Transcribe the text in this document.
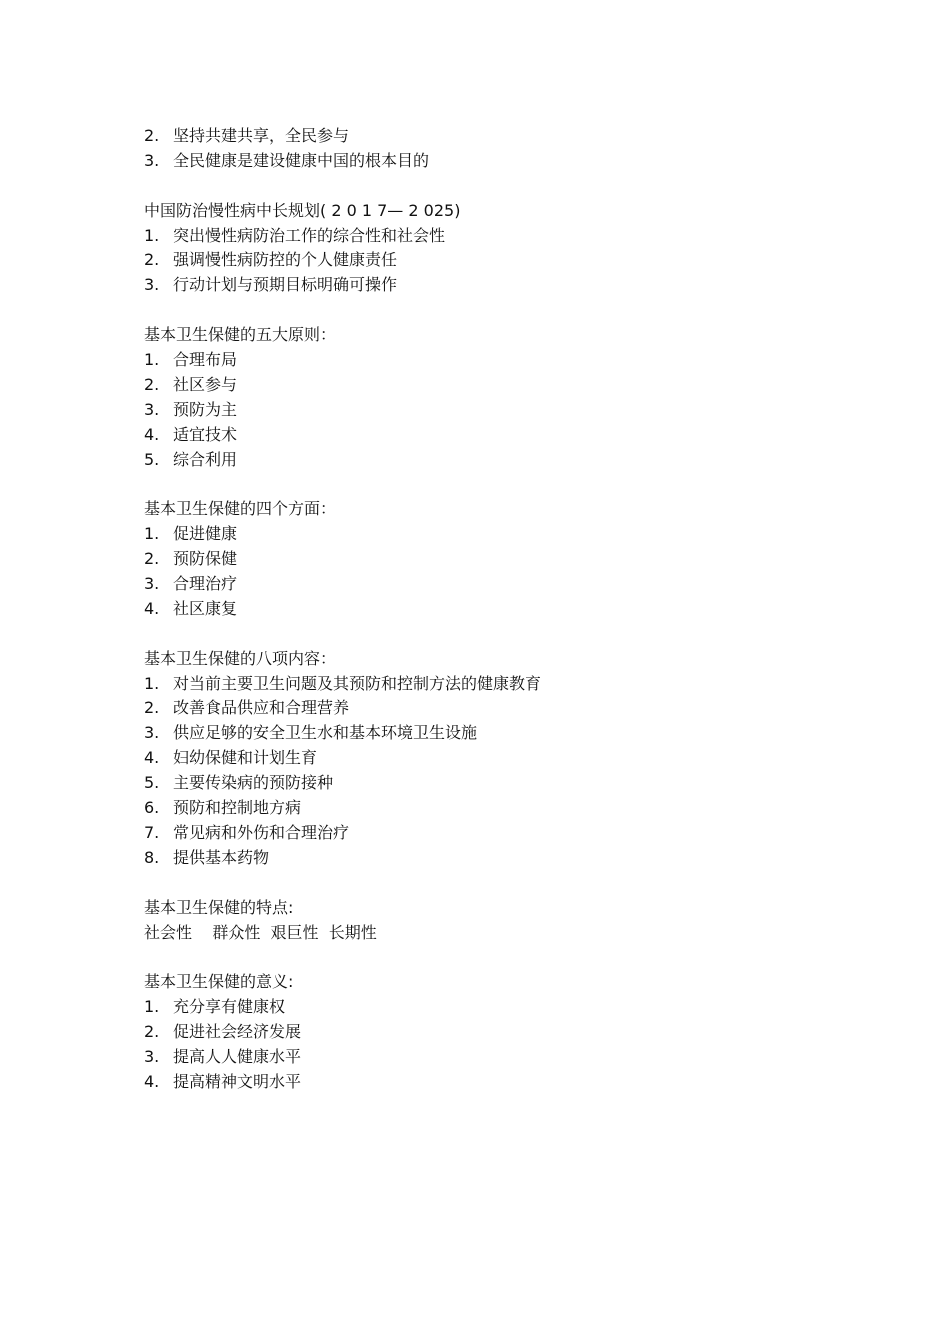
2. 坚持共建共享，全民参与
3. 全民健康是建设健康中国的根本目的
中国防治慢性病中长规划( 2 0 1 7— 2 025)
1. 突出慢性病防治工作的综合性和社会性
2. 强调慢性病防控的个人健康责任
3. 行动计划与预期目标明确可操作
基本卫生保健的五大原则：
1. 合理布局
2. 社区参与
3. 预防为主
4. 适宜技术
5. 综合利用
基本卫生保健的四个方面：
1. 促进健康
2. 预防保健
3. 合理治疗
4. 社区康复
基本卫生保健的八项内容：
1. 对当前主要卫生问题及其预防和控制方法的健康教育
2. 改善食品供应和合理营养
3. 供应足够的安全卫生水和基本环境卫生设施
4. 妇幼保健和计划生育
5. 主要传染病的预防接种
6. 预防和控制地方病
7. 常见病和外伤和合理治疗
8. 提供基本药物
基本卫生保健的特点:
社会性    群众性  艰巨性  长期性
基本卫生保健的意义:
1. 充分享有健康权
2. 促进社会经济发展
3. 提高人人健康水平
4. 提高精神文明水平
